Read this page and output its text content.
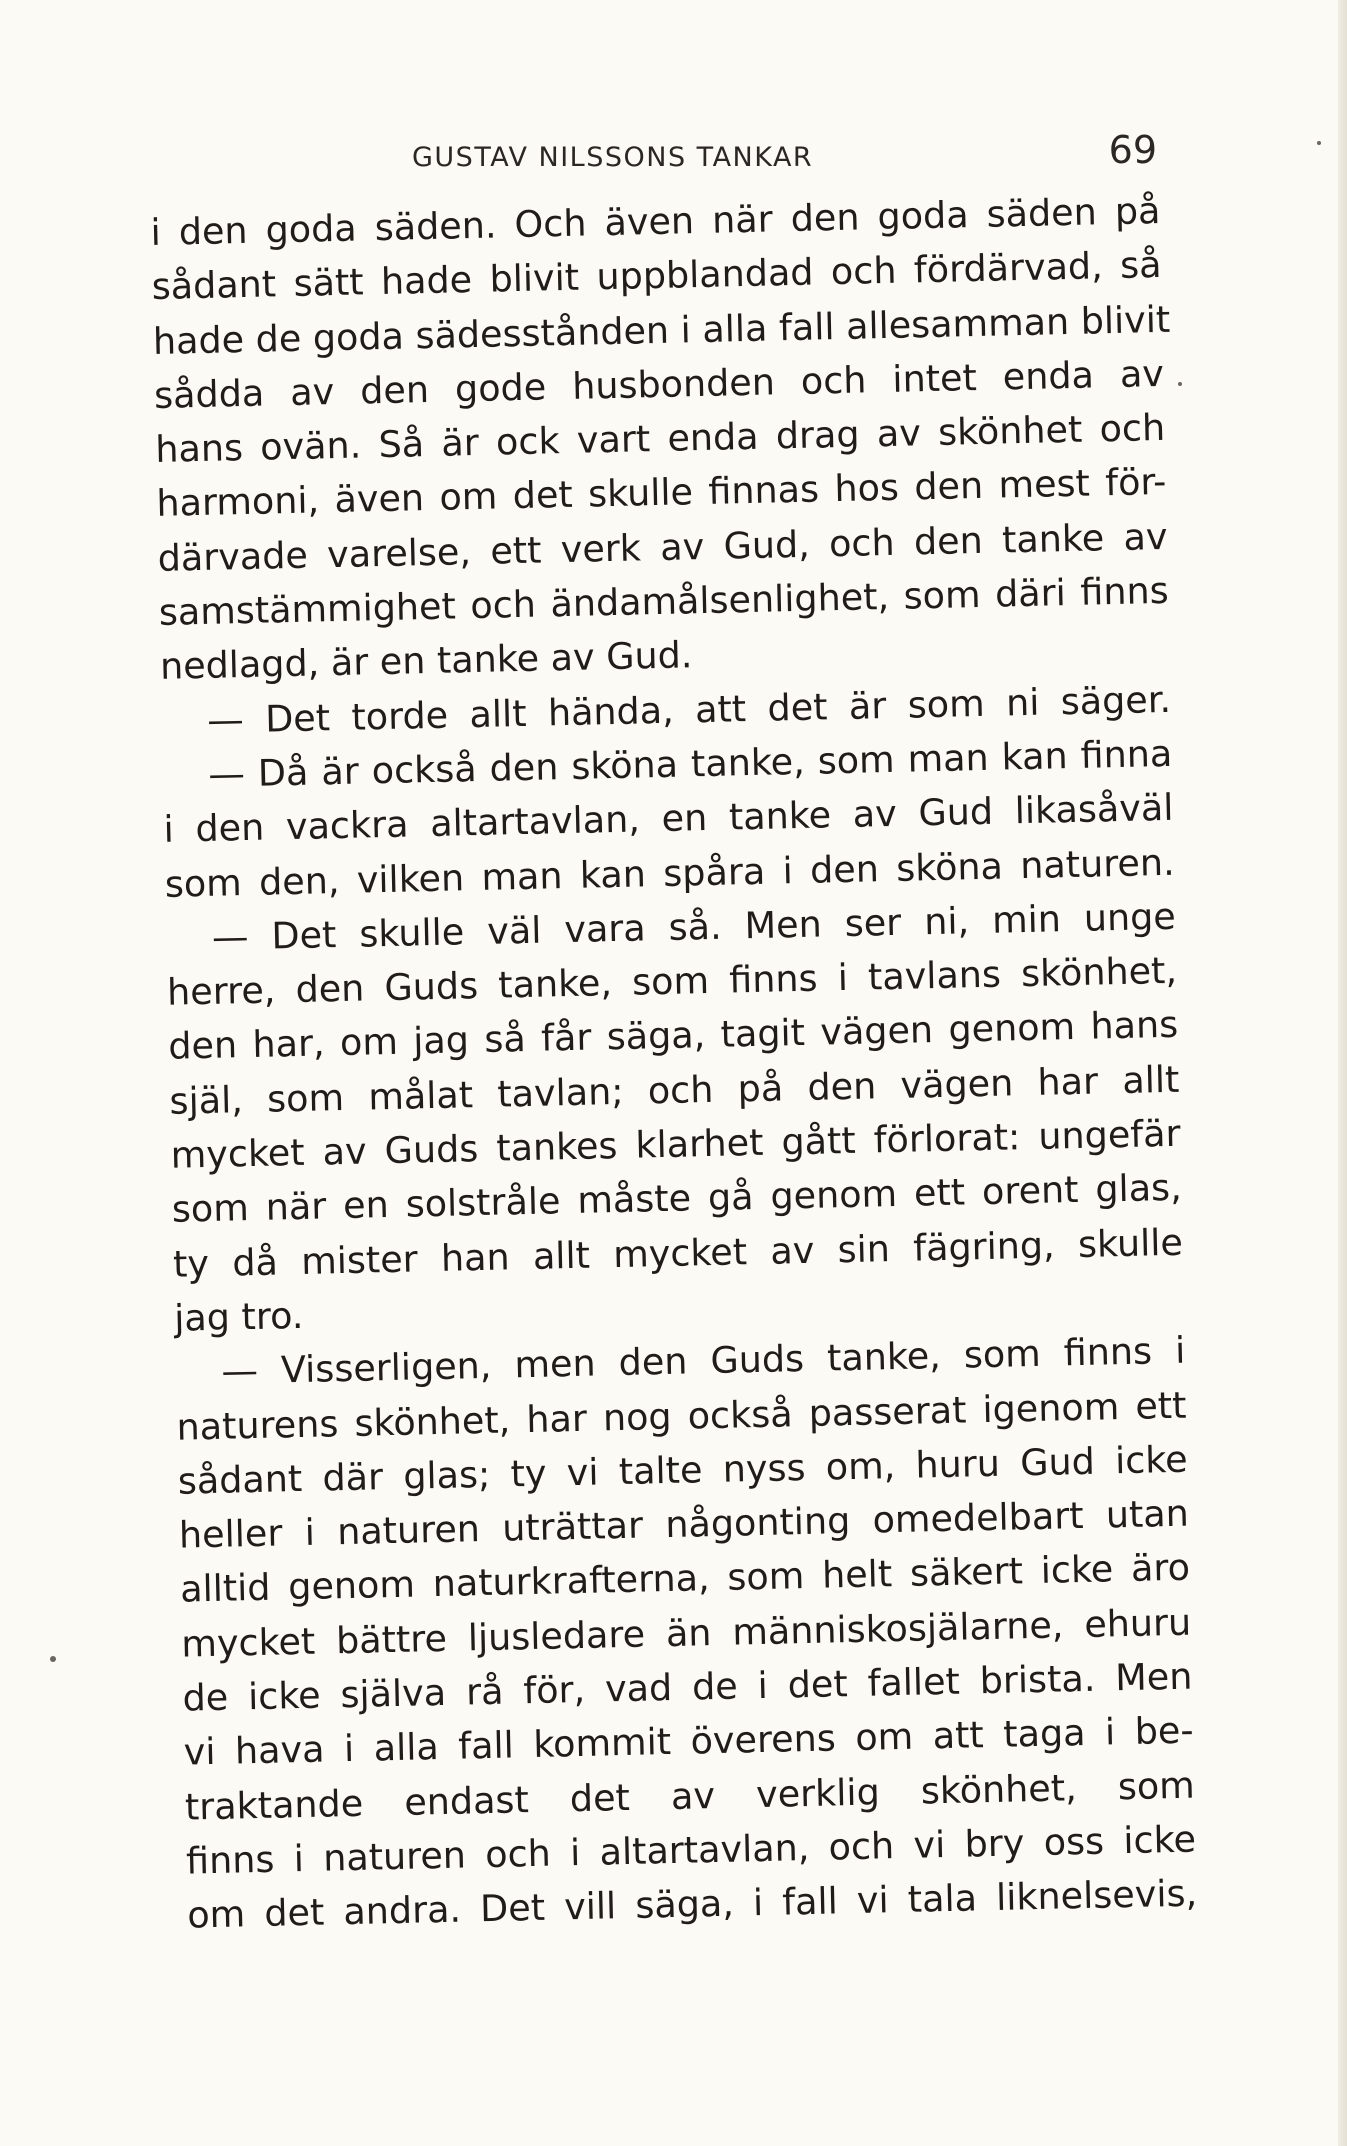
GUSTAV NILSSONS TANKAR	69
i den goda säden. Och även när den goda säden på
sådant sätt hade blivit uppblandad och fördärvad, så
hade de goda sädesstånden i alla fall allesamman blivit
sådda av den gode husbonden och intet enda av
hans ovän. Så är ock vart enda drag av skönhet och
harmoni, även om det skulle finnas hos den mest för-
därvade varelse, ett verk av Gud, och den tanke av
samstämmighet och ändamålsenlighet, som däri finns
nedlagd, är en tanke av Gud.
— Det torde allt hända, att det är som ni säger.
— Då är också den sköna tanke, som man kan finna
i den vackra altartavlan, en tanke av Gud likasåväl
som den, vilken man kan spåra i den sköna naturen.
— Det skulle väl vara så. Men ser ni, min unge
herre, den Guds tanke, som finns i tavlans skönhet,
den har, om jag så får säga, tagit vägen genom hans
själ, som målat tavlan; och på den vägen har allt
mycket av Guds tankes klarhet gått förlorat: ungefär
som när en solstråle måste gå genom ett orent glas,
ty då mister han allt mycket av sin fägring, skulle
jag tro.
— Visserligen, men den Guds tanke, som finns i
naturens skönhet, har nog också passerat igenom ett
sådant där glas; ty vi talte nyss om, huru Gud icke
heller i naturen uträttar någonting omedelbart utan
alltid genom naturkrafterna, som helt säkert icke äro
mycket bättre ljusledare än människosjälarne, ehuru
de icke själva rå för, vad de i det fallet brista. Men
vi hava i alla fall kommit överens om att taga i be-
traktande endast det av verklig skönhet, som
finns i naturen och i altartavlan, och vi bry oss icke
om det andra. Det vill säga, i fall vi tala liknelsevis,
